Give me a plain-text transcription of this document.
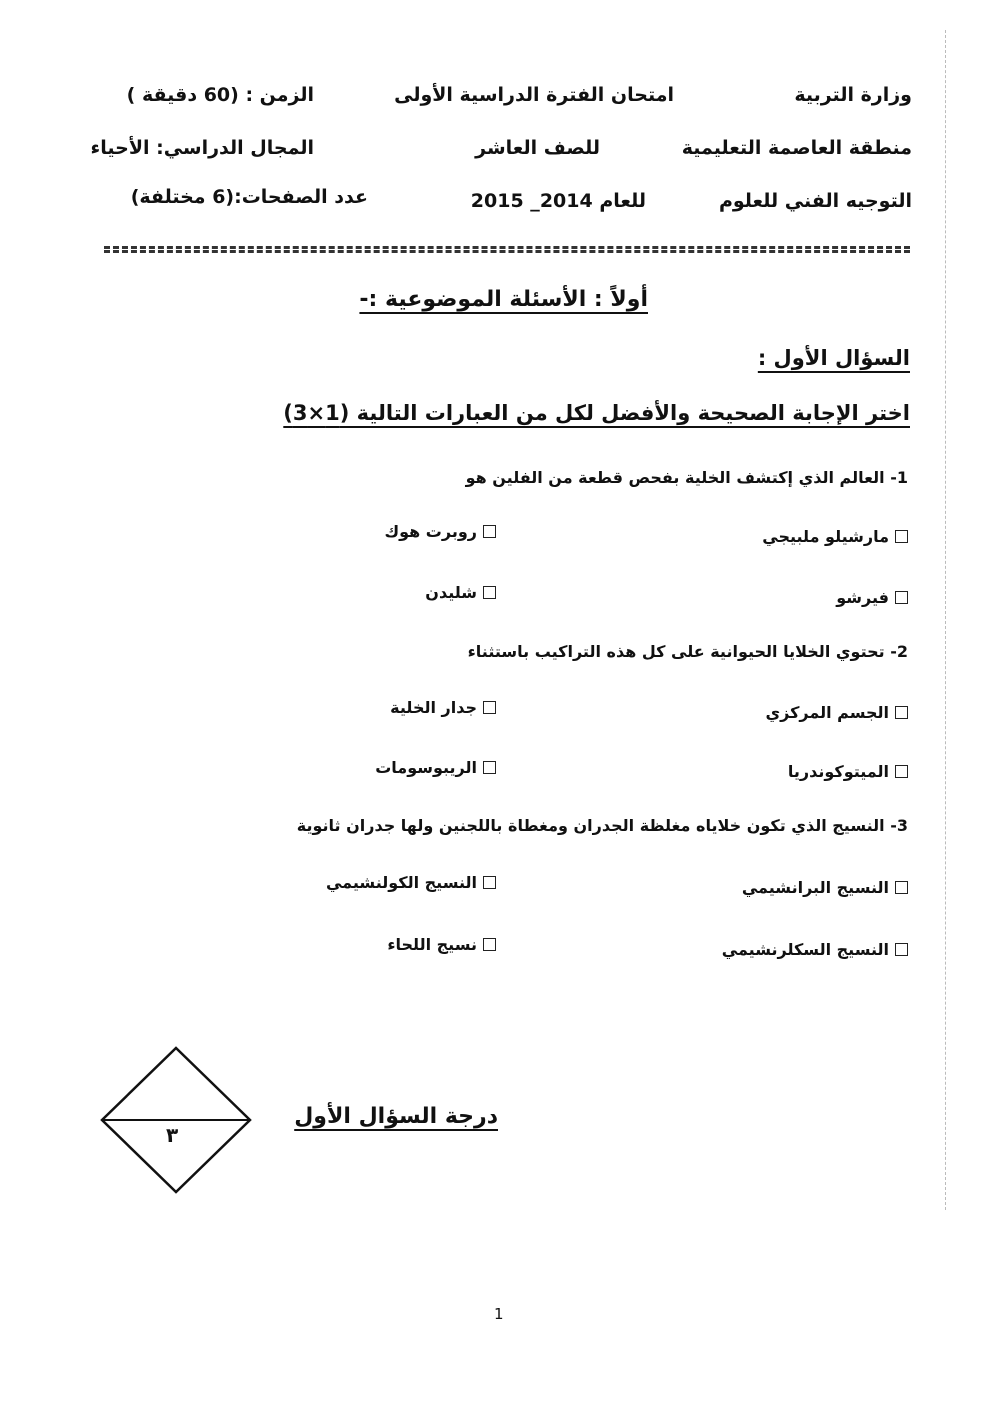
وزارة التربية
منطقة العاصمة التعليمية
التوجيه الفني للعلوم
امتحان الفترة الدراسية الأولى
للصف العاشر
للعام 2014_ 2015
الزمن : (60 دقيقة )
المجال الدراسي: الأحياء
عدد الصفحات:(6 مختلفة)
أولاً : الأسئلة الموضوعية :-
السؤال الأول :
اختر الإجابة الصحيحة والأفضل لكل من العبارات التالية (1×3)
1- العالم الذي إكتشف الخلية بفحص قطعة من الفلين هو
مارشيلو ملبيجي
روبرت هوك
فيرشو
شليدن
2- تحتوي الخلايا الحيوانية على كل هذه التراكيب باستثناء
الجسم المركزي
جدار الخلية
الميتوكوندريا
الريبوسومات
3- النسيج الذي تكون خلاياه مغلظة الجدران ومغطاة باللجنين ولها جدران ثانوية
النسيج البرانشيمي
النسيج الكولنشيمي
النسيج السكلرنشيمي
نسيج اللحاء
٣
درجة السؤال الأول
1
